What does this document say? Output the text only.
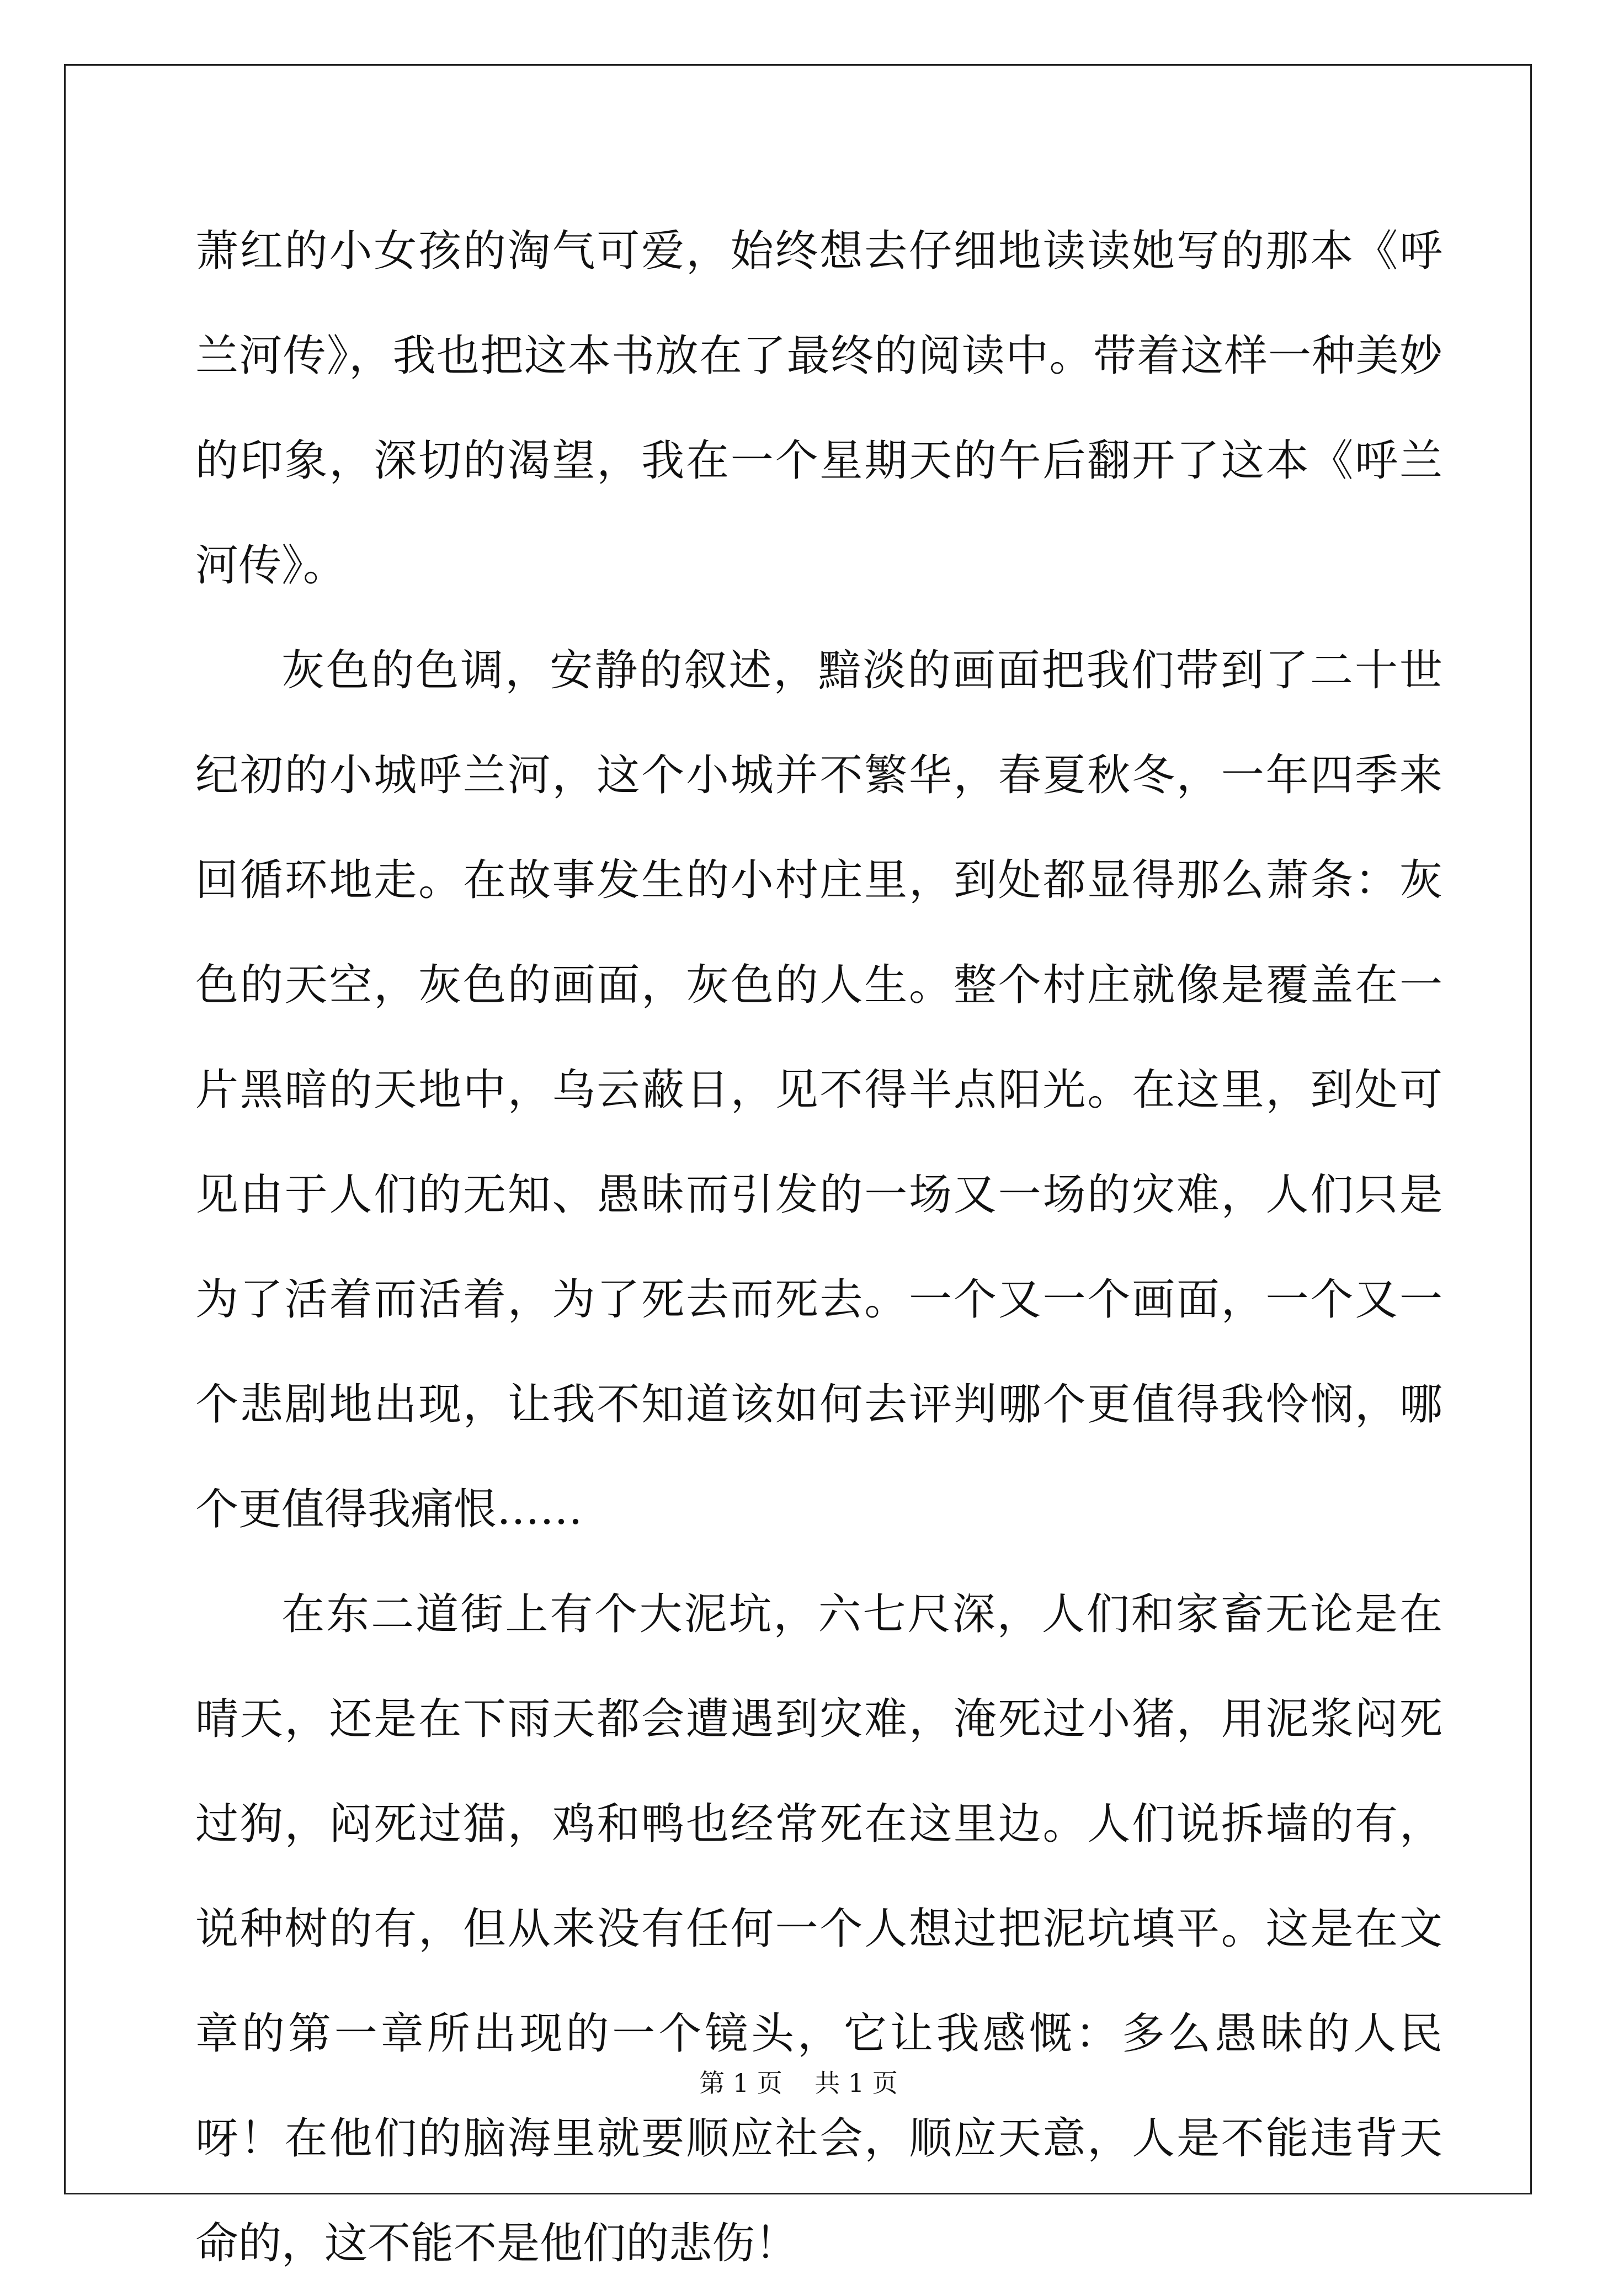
萧红的小女孩的淘气可爱，始终想去仔细地读读她写的那本《呼兰河传》，我也把这本书放在了最终的阅读中。带着这样一种美妙的印象，深切的渴望，我在一个星期天的午后翻开了这本《呼兰河传》。

灰色的色调，安静的叙述，黯淡的画面把我们带到了二十世纪初的小城呼兰河，这个小城并不繁华，春夏秋冬，一年四季来回循环地走。在故事发生的小村庄里，到处都显得那么萧条：灰色的天空，灰色的画面，灰色的人生。整个村庄就像是覆盖在一片黑暗的天地中，乌云蔽日，见不得半点阳光。在这里，到处可见由于人们的无知、愚昧而引发的一场又一场的灾难，人们只是为了活着而活着，为了死去而死去。一个又一个画面，一个又一个悲剧地出现，让我不知道该如何去评判哪个更值得我怜悯，哪个更值得我痛恨……

在东二道街上有个大泥坑，六七尺深，人们和家畜无论是在晴天，还是在下雨天都会遭遇到灾难，淹死过小猪，用泥浆闷死过狗，闷死过猫，鸡和鸭也经常死在这里边。人们说拆墙的有，说种树的有，但从来没有任何一个人想过把泥坑填平。这是在文章的第一章所出现的一个镜头，它让我感慨：多么愚昧的人民呀！在他们的脑海里就要顺应社会，顺应天意，人是不能违背天命的，这不能不是他们的悲伤！

第 1 页    共 1 页
